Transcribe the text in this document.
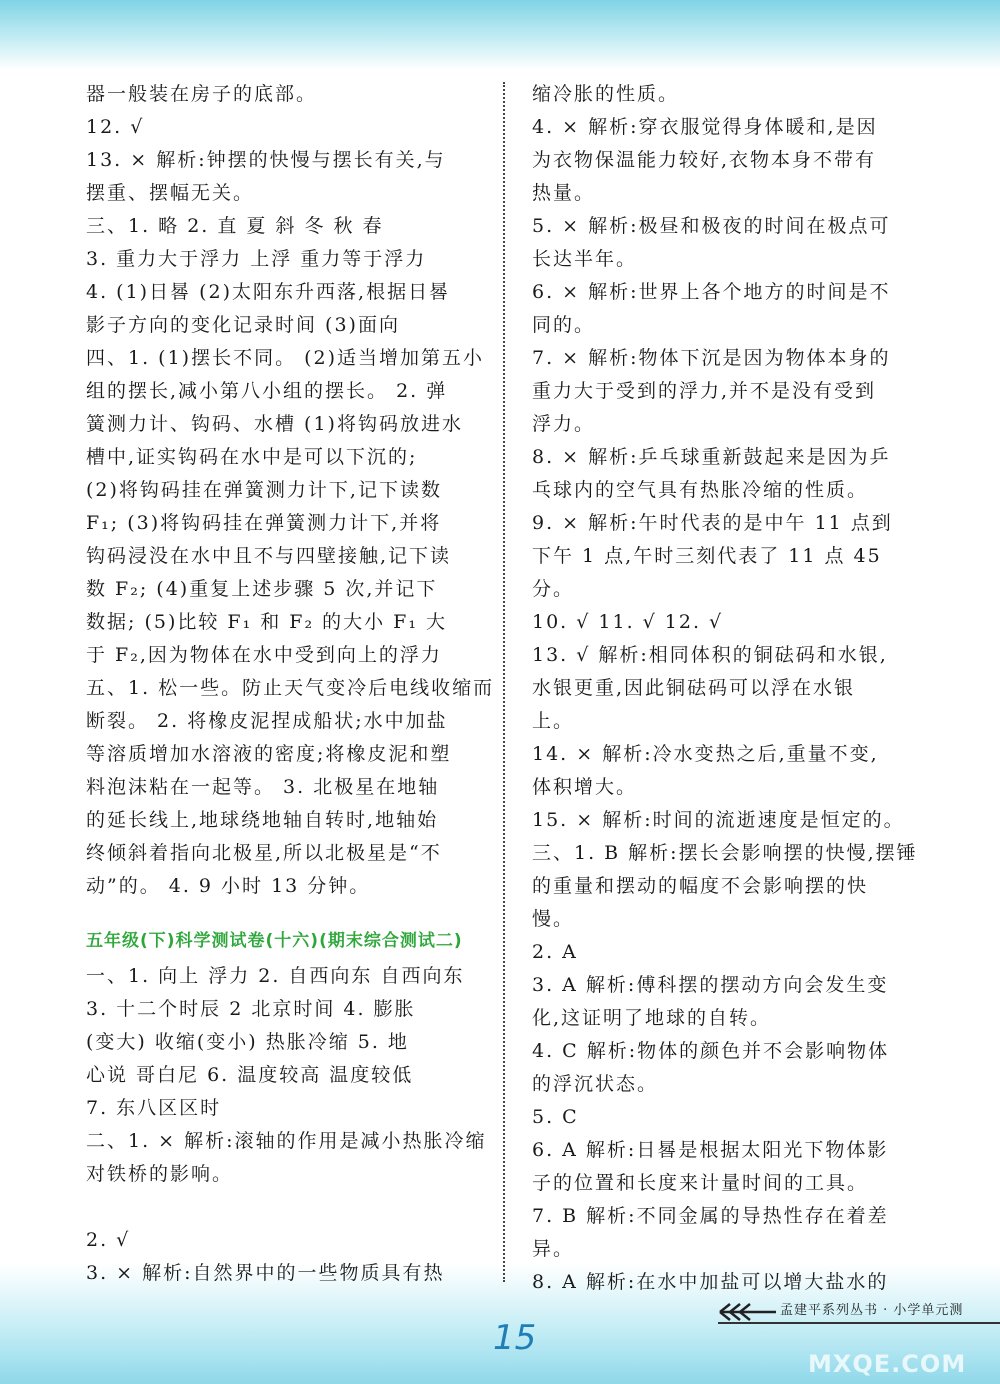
器一般装在房子的底部。
12. √
13. × 解析:钟摆的快慢与摆长有关,与
摆重、摆幅无关。
三、1. 略 2. 直 夏 斜 冬 秋 春
3. 重力大于浮力 上浮 重力等于浮力
4. (1)日晷 (2)太阳东升西落,根据日晷
影子方向的变化记录时间 (3)面向
四、1. (1)摆长不同。 (2)适当增加第五小
组的摆长,减小第八小组的摆长。 2. 弹
簧测力计、钩码、水槽 (1)将钩码放进水
槽中,证实钩码在水中是可以下沉的;
(2)将钩码挂在弹簧测力计下,记下读数
F₁; (3)将钩码挂在弹簧测力计下,并将
钩码浸没在水中且不与四壁接触,记下读
数 F₂; (4)重复上述步骤 5 次,并记下
数据; (5)比较 F₁ 和 F₂ 的大小 F₁ 大
于 F₂,因为物体在水中受到向上的浮力
五、1. 松一些。防止天气变冷后电线收缩而
断裂。 2. 将橡皮泥捏成船状;水中加盐
等溶质增加水溶液的密度;将橡皮泥和塑
料泡沫粘在一起等。 3. 北极星在地轴
的延长线上,地球绕地轴自转时,地轴始
终倾斜着指向北极星,所以北极星是“不
动”的。 4. 9 小时 13 分钟。
五年级(下)科学测试卷(十六)(期末综合测试二)
一、1. 向上 浮力 2. 自西向东 自西向东
3. 十二个时辰 2 北京时间 4. 膨胀
(变大) 收缩(变小) 热胀冷缩 5. 地
心说 哥白尼 6. 温度较高 温度较低
7. 东八区区时
二、1. × 解析:滚轴的作用是减小热胀冷缩
对铁桥的影响。
2. √
3. × 解析:自然界中的一些物质具有热
缩冷胀的性质。
4. × 解析:穿衣服觉得身体暖和,是因
为衣物保温能力较好,衣物本身不带有
热量。
5. × 解析:极昼和极夜的时间在极点可
长达半年。
6. × 解析:世界上各个地方的时间是不
同的。
7. × 解析:物体下沉是因为物体本身的
重力大于受到的浮力,并不是没有受到
浮力。
8. × 解析:乒乓球重新鼓起来是因为乒
乓球内的空气具有热胀冷缩的性质。
9. × 解析:午时代表的是中午 11 点到
下午 1 点,午时三刻代表了 11 点 45
分。
10. √ 11. √ 12. √
13. √ 解析:相同体积的铜砝码和水银,
水银更重,因此铜砝码可以浮在水银
上。
14. × 解析:冷水变热之后,重量不变,
体积增大。
15. × 解析:时间的流逝速度是恒定的。
三、1. B 解析:摆长会影响摆的快慢,摆锤
的重量和摆动的幅度不会影响摆的快
慢。
2. A
3. A 解析:傅科摆的摆动方向会发生变
化,这证明了地球的自转。
4. C 解析:物体的颜色并不会影响物体
的浮沉状态。
5. C
6. A 解析:日晷是根据太阳光下物体影
子的位置和长度来计量时间的工具。
7. B 解析:不同金属的导热性存在着差
异。
8. A 解析:在水中加盐可以增大盐水的
孟建平系列丛书 · 小学单元测
15
MXQE.COM
